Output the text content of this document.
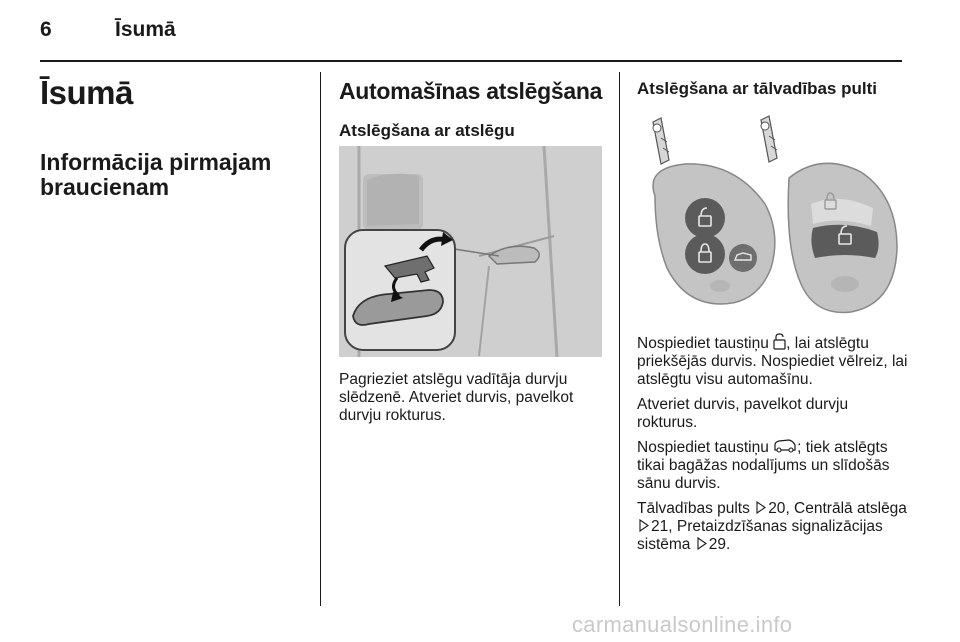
6	Īsumā
Īsumā
Informācija pirmajam braucienam
Automašīnas atslēgšana
Atslēgšana ar atslēgu
Pagrieziet atslēgu vadītāja durvju slēdzenē. Atveriet durvis, pavelkot durvju rokturus.
Atslēgšana ar tālvadības pulti

Nospiediet taustiņu , lai atslēgtu priekšējās durvis. Nospiediet vēlreiz, lai atslēgtu visu automašīnu.

Atveriet durvis, pavelkot durvju rokturus.

Nospiediet taustiņu ; tiek atslēgts tikai bagāžas nodalījums un slīdošās sānu durvis.

Tālvadības pults 20, Centrālā atslēga 21, Pretaizdzīšanas signalizācijas sistēma 29.

carmanualsonline.info
